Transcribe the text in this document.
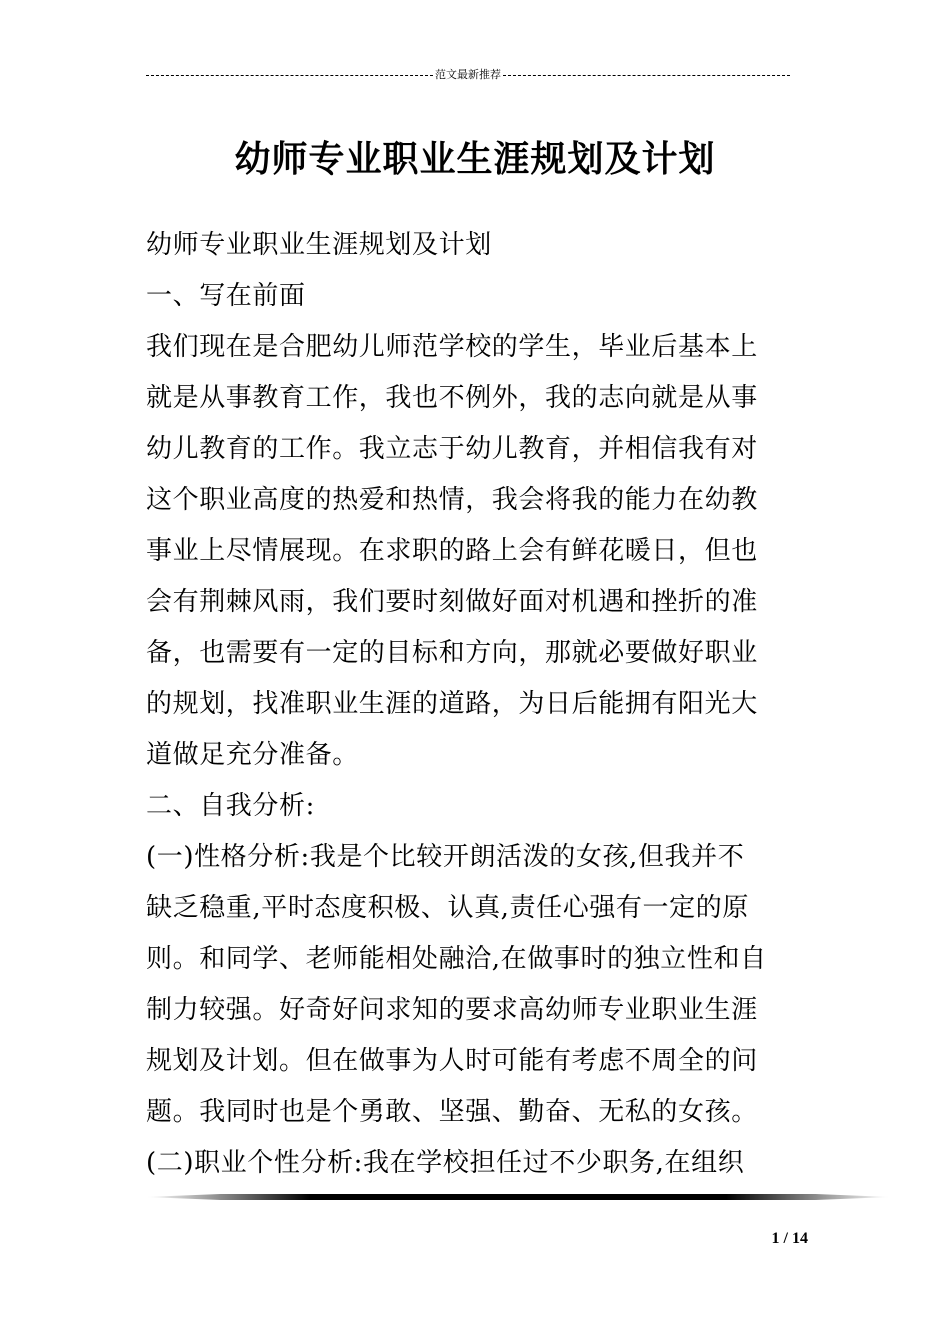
范文最新推荐
幼师专业职业生涯规划及计划

幼师专业职业生涯规划及计划

一、写在前面

我们现在是合肥幼儿师范学校的学生，毕业后基本上

就是从事教育工作，我也不例外，我的志向就是从事

幼儿教育的工作。我立志于幼儿教育，并相信我有对

这个职业高度的热爱和热情，我会将我的能力在幼教

事业上尽情展现。在求职的路上会有鲜花暖日，但也

会有荆棘风雨，我们要时刻做好面对机遇和挫折的准

备，也需要有一定的目标和方向，那就必要做好职业

的规划，找准职业生涯的道路，为日后能拥有阳光大

道做足充分准备。

二、自我分析:

(一)性格分析:我是个比较开朗活泼的女孩,但我并不

缺乏稳重,平时态度积极、认真,责任心强有一定的原

则。和同学、老师能相处融洽,在做事时的独立性和自

制力较强。好奇好问求知的要求高幼师专业职业生涯

规划及计划。但在做事为人时可能有考虑不周全的问

题。我同时也是个勇敢、坚强、勤奋、无私的女孩。

(二)职业个性分析:我在学校担任过不少职务,在组织

1 / 14
